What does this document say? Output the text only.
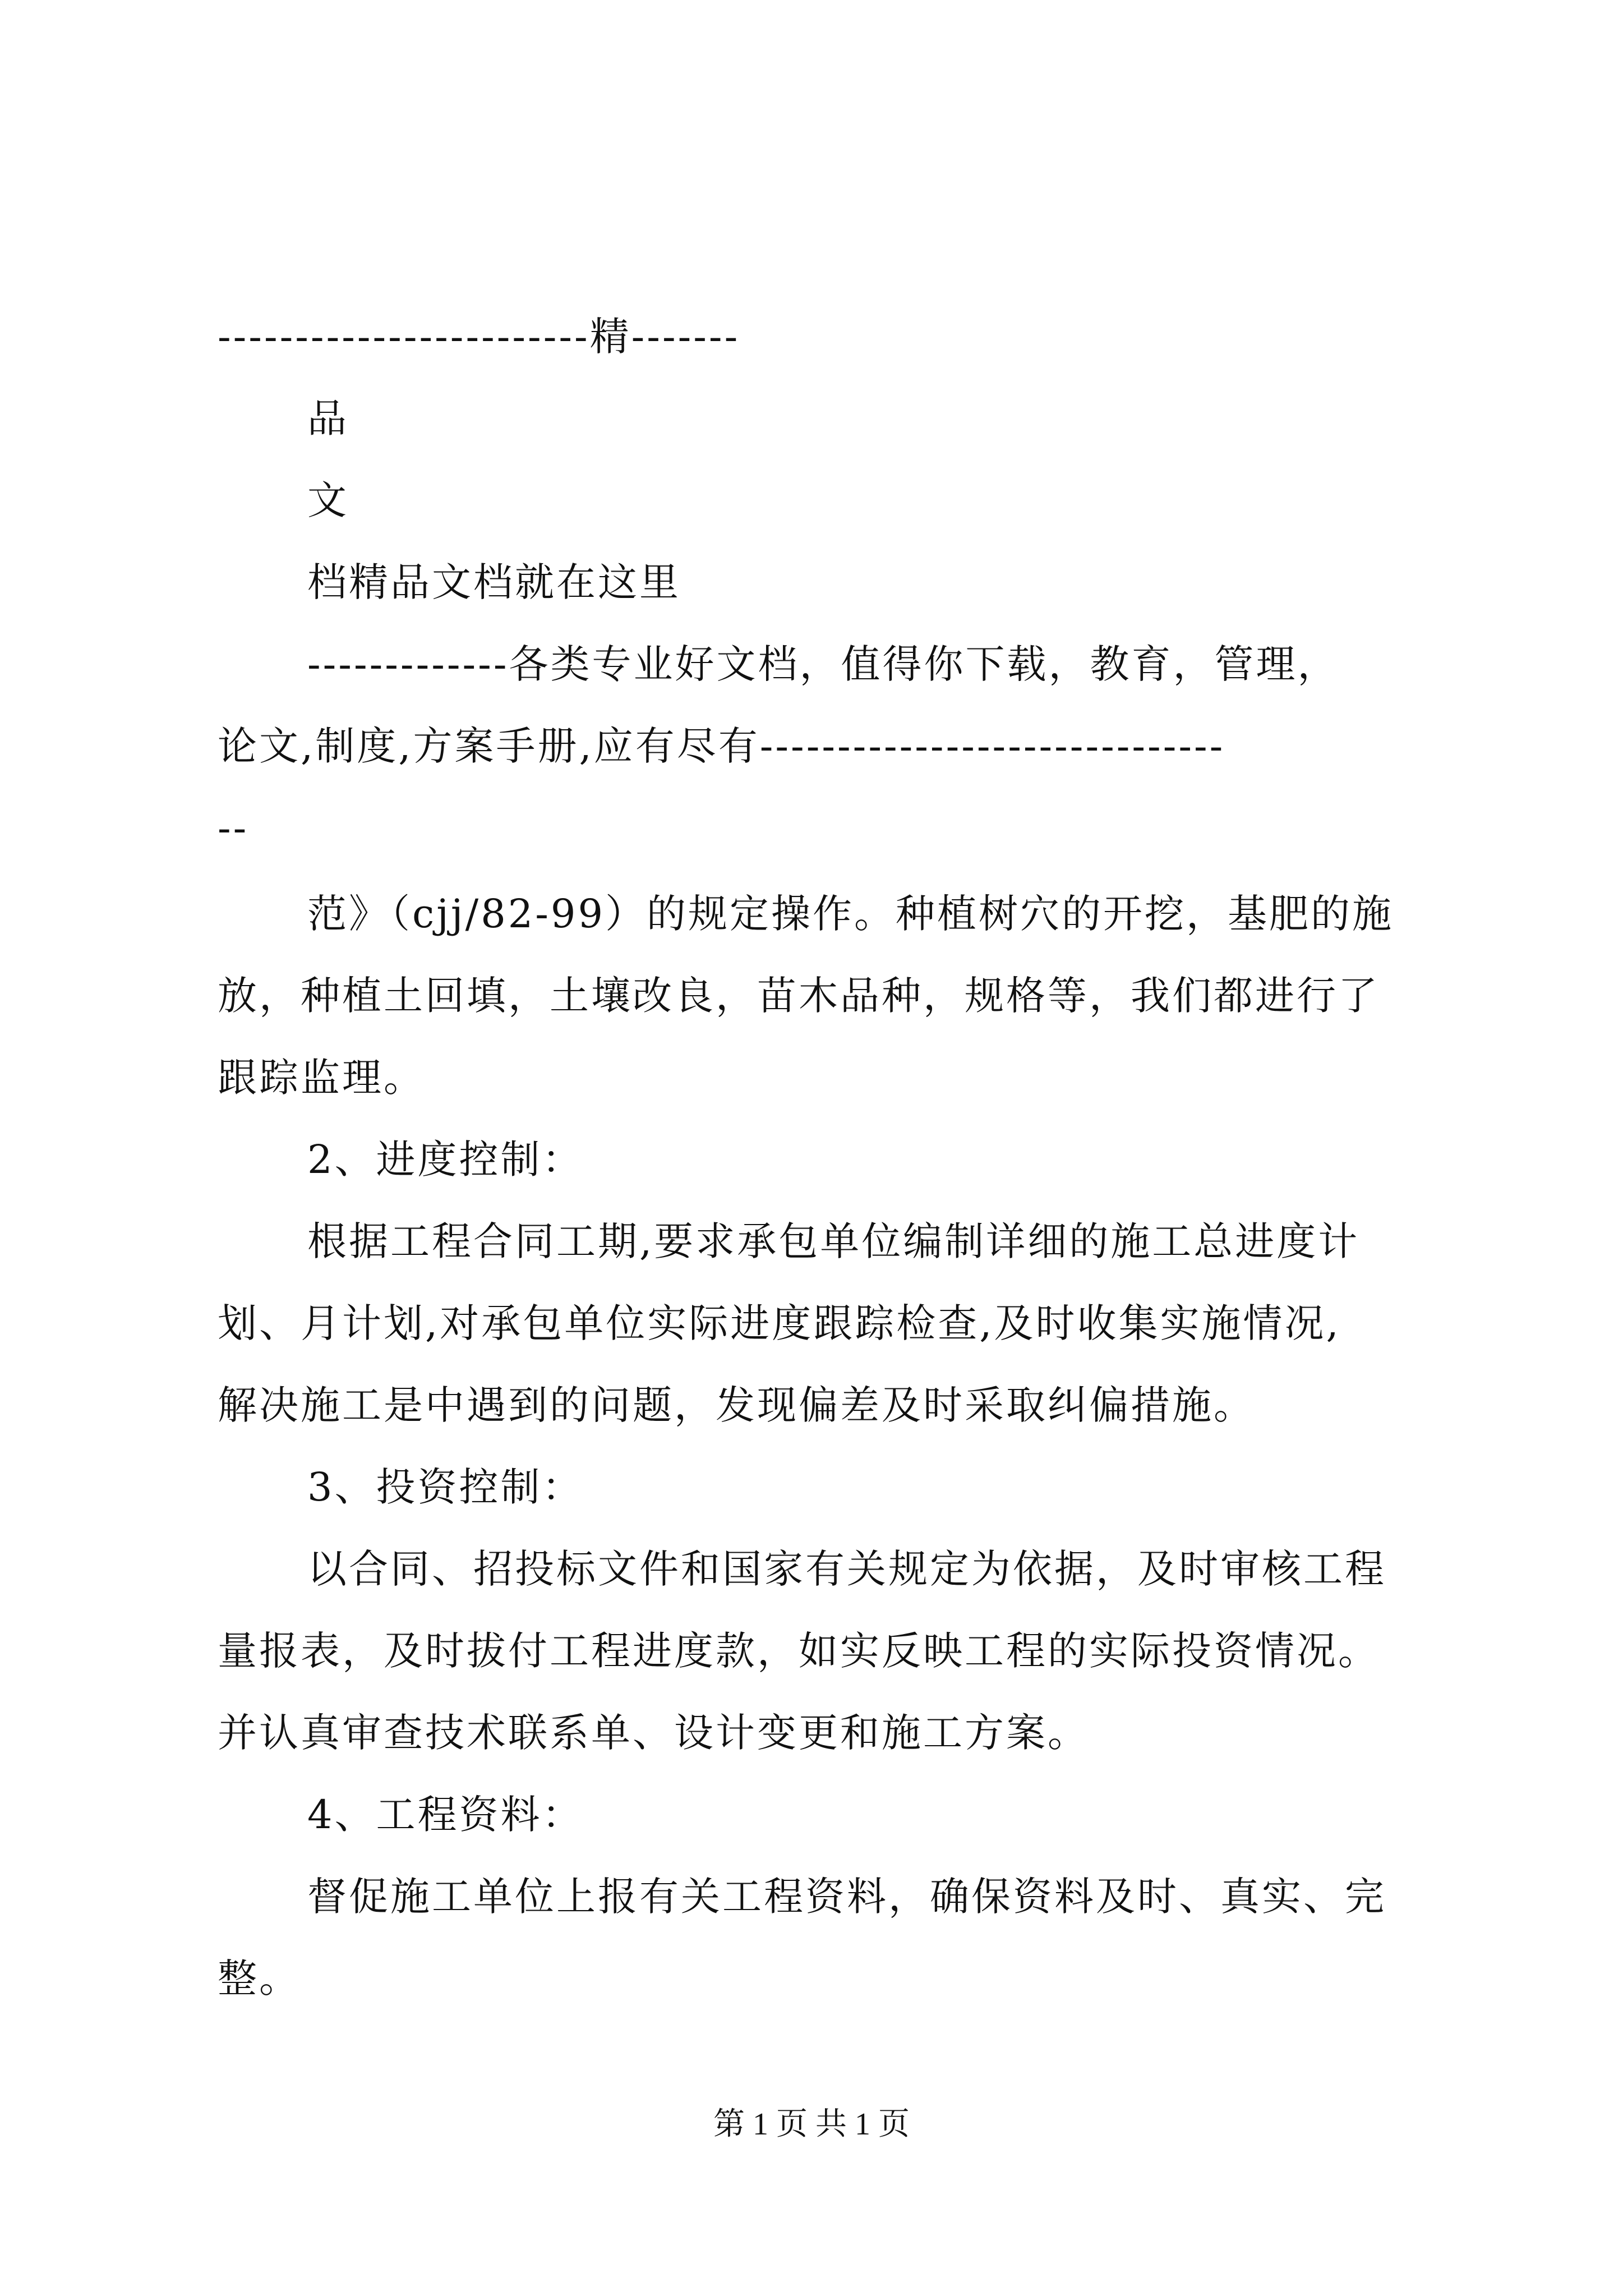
------------------------精-------
品
文
档精品文档就在这里
-------------各类专业好文档，值得你下载，教育，管理，
论文,制度,方案手册,应有尽有------------------------------
--
范》（cjj/82-99）的规定操作。种植树穴的开挖，基肥的施
放，种植土回填，土壤改良，苗木品种，规格等，我们都进行了
跟踪监理。
2、进度控制：
根据工程合同工期,要求承包单位编制详细的施工总进度计
划、月计划,对承包单位实际进度跟踪检查,及时收集实施情况,
解决施工是中遇到的问题，发现偏差及时采取纠偏措施。
3、投资控制：
以合同、招投标文件和国家有关规定为依据，及时审核工程
量报表，及时拔付工程进度款，如实反映工程的实际投资情况。
并认真审查技术联系单、设计变更和施工方案。
4、工程资料：
督促施工单位上报有关工程资料，确保资料及时、真实、完
整。
第 1 页 共 1 页
